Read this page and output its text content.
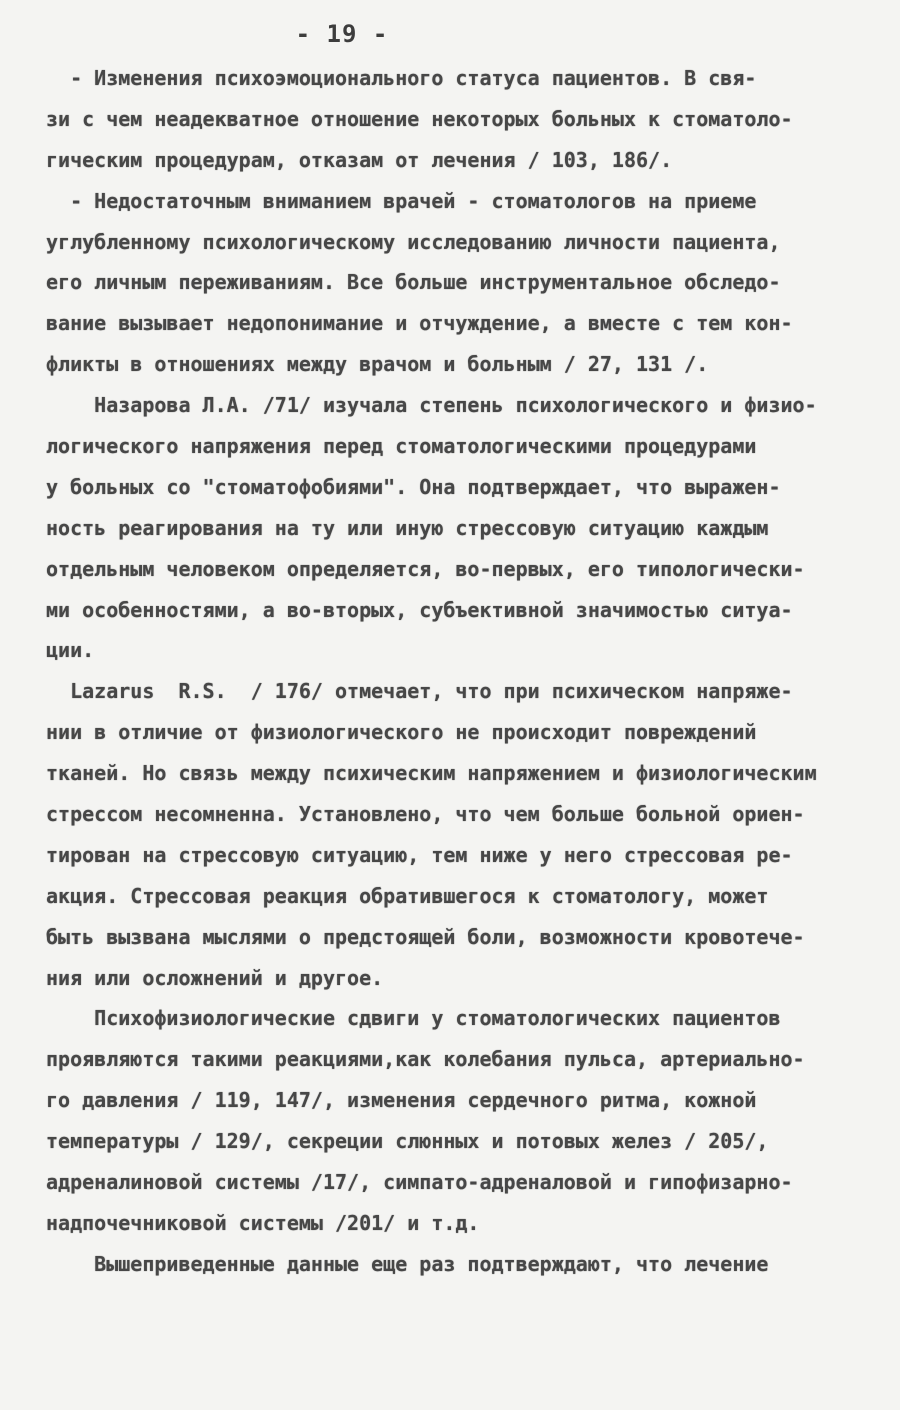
- 19 -
- Изменения психоэмоционального статуса пациентов. В свя-
зи с чем неадекватное отношение некоторых больных к стоматоло-
гическим процедурам, отказам от лечения / 103, 186/.
- Недостаточным вниманием врачей - стоматологов на приеме
углубленному психологическому исследованию личности пациента,
его личным переживаниям. Все больше инструментальное обследо-
вание вызывает недопонимание и отчуждение, а вместе с тем кон-
фликты в отношениях между врачом и больным / 27, 131 /.
Назарова Л.А. /71/ изучала степень психологического и физио-
логического напряжения перед стоматологическими процедурами
у больных со "стоматофобиями". Она подтверждает, что выражен-
ность реагирования на ту или иную стрессовую ситуацию каждым
отдельным человеком определяется, во-первых, его типологически-
ми особенностями, а во-вторых, субъективной значимостью ситуа-
ции.
Lazarus  R.S.  / 176/ отмечает, что при психическом напряже-
нии в отличие от физиологического не происходит повреждений
тканей. Но связь между психическим напряжением и физиологическим
стрессом несомненна. Установлено, что чем больше больной ориен-
тирован на стрессовую ситуацию, тем ниже у него стрессовая ре-
акция. Стрессовая реакция обратившегося к стоматологу, может
быть вызвана мыслями о предстоящей боли, возможности кровотече-
ния или осложнений и другое.
Психофизиологические сдвиги у стоматологических пациентов
проявляются такими реакциями,как колебания пульса, артериально-
го давления / 119, 147/, изменения сердечного ритма, кожной
температуры / 129/, секреции слюнных и потовых желез / 205/,
адреналиновой системы /17/, симпато-адреналовой и гипофизарно-
надпочечниковой системы /201/ и т.д.
Вышеприведенные данные еще раз подтверждают, что лечение
